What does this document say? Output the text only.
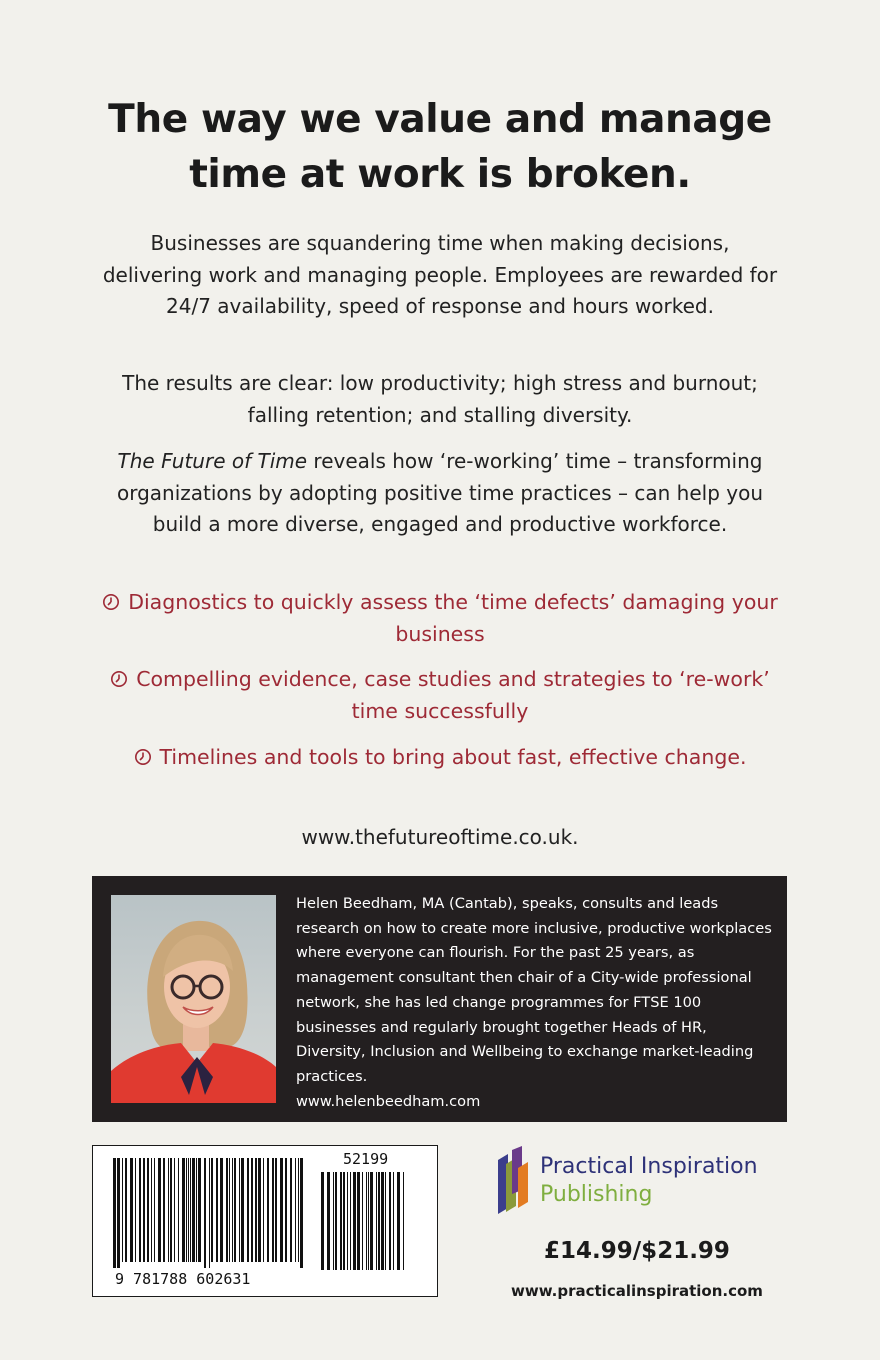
The way we value and manage
time at work is broken.

Businesses are squandering time when making decisions, delivering work and managing people. Employees are rewarded for 24/7 availability, speed of response and hours worked.

The results are clear: low productivity; high stress and burnout; falling retention; and stalling diversity.

The Future of Time reveals how ‘re-working’ time – transforming organizations by adopting positive time practices – can help you build a more diverse, engaged and productive workforce.

Diagnostics to quickly assess the ‘time defects’ damaging your business

Compelling evidence, case studies and strategies to ‘re-work’ time successfully

Timelines and tools to bring about fast, effective change.

www.thefutureoftime.co.uk.

Helen Beedham, MA (Cantab), speaks, consults and leads research on how to create more inclusive, productive workplaces where everyone can flourish. For the past 25 years, as management consultant then chair of a City-wide professional network, she has led change programmes for FTSE 100 businesses and regularly brought together Heads of HR, Diversity, Inclusion and Wellbeing to exchange market-leading practices.
www.helenbeedham.com

9 781788 602631
52199	Practical Inspiration

Publishing

£14.99/$21.99

www.practicalinspiration.com
